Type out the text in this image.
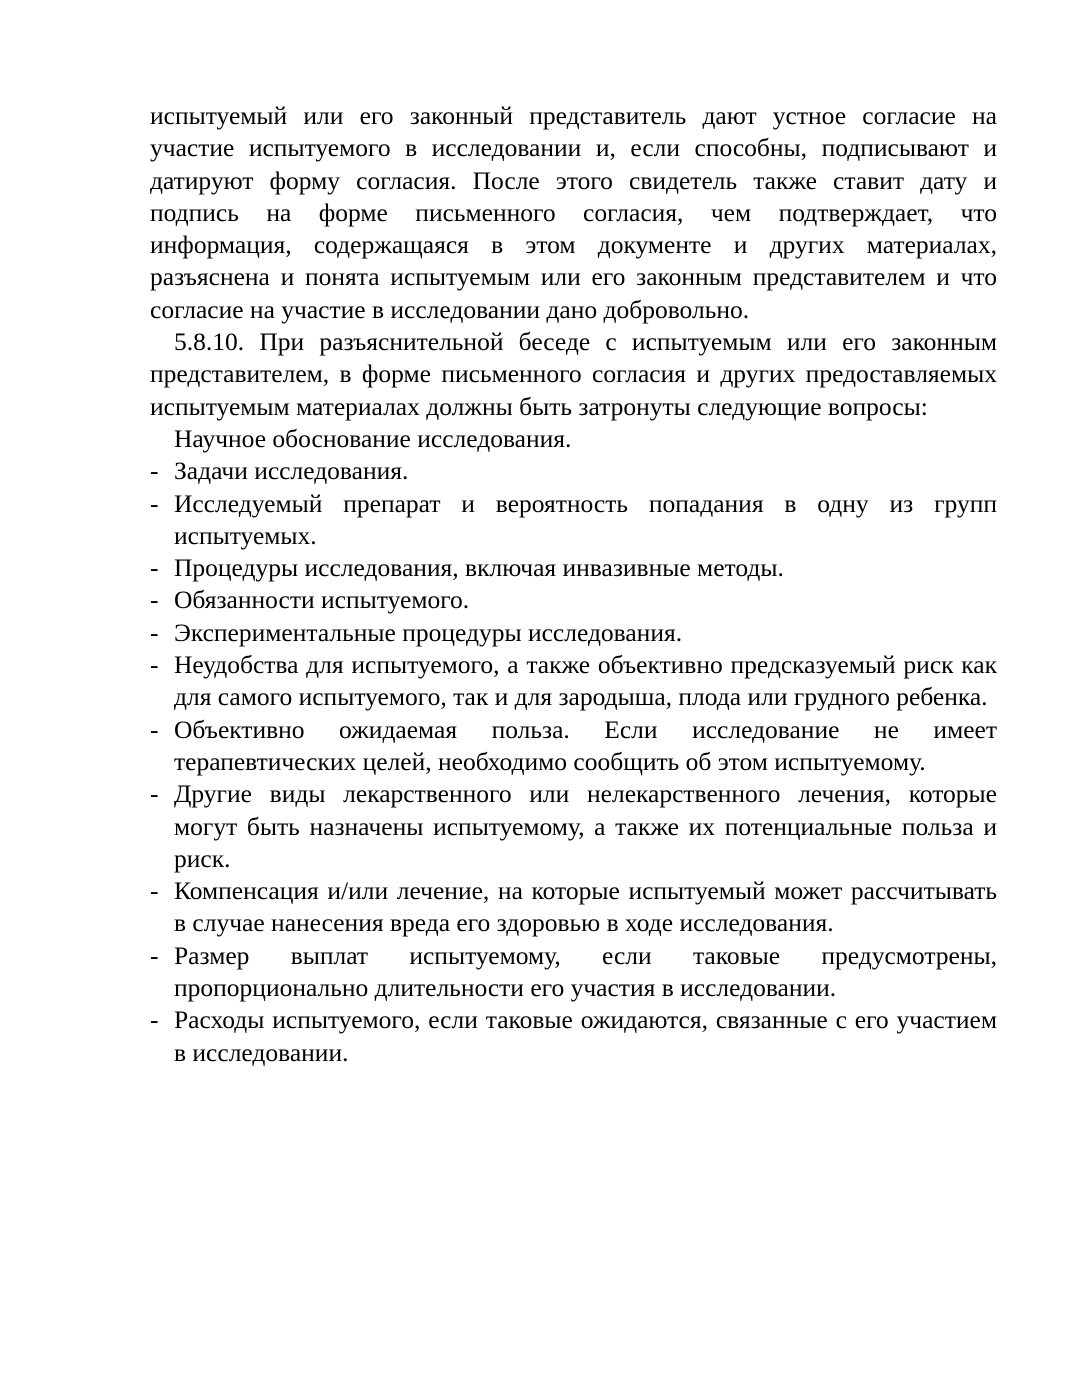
испытуемый или его законный представитель дают устное согласие на участие испытуемого в исследовании и, если способны, подписывают и датируют форму согласия. После этого свидетель также ставит дату и подпись на форме письменного согласия, чем подтверждает, что информация, содержащаяся в этом документе и других материалах, разъяснена и понята испытуемым или его законным представителем и что согласие на участие в исследовании дано добровольно.

5.8.10. При разъяснительной беседе с испытуемым или его законным представителем, в форме письменного согласия и других предоставляемых испытуемым материалах должны быть затронуты следующие вопросы:

Научное обоснование исследования.
- Задачи исследования.
- Исследуемый препарат и вероятность попадания в одну из групп испытуемых.
- Процедуры исследования, включая инвазивные методы.
- Обязанности испытуемого.
- Экспериментальные процедуры исследования.
- Неудобства для испытуемого, а также объективно предсказуемый риск как для самого испытуемого, так и для зародыша, плода или грудного ребенка.
- Объективно ожидаемая польза. Если исследование не имеет терапевтических целей, необходимо сообщить об этом испытуемому.
- Другие виды лекарственного или нелекарственного лечения, которые могут быть назначены испытуемому, а также их потенциальные польза и риск.
- Компенсация и/или лечение, на которые испытуемый может рассчитывать в случае нанесения вреда его здоровью в ходе исследования.
- Размер выплат испытуемому, если таковые предусмотрены, пропорционально длительности его участия в исследовании.
- Расходы испытуемого, если таковые ожидаются, связанные с его участием в исследовании.
